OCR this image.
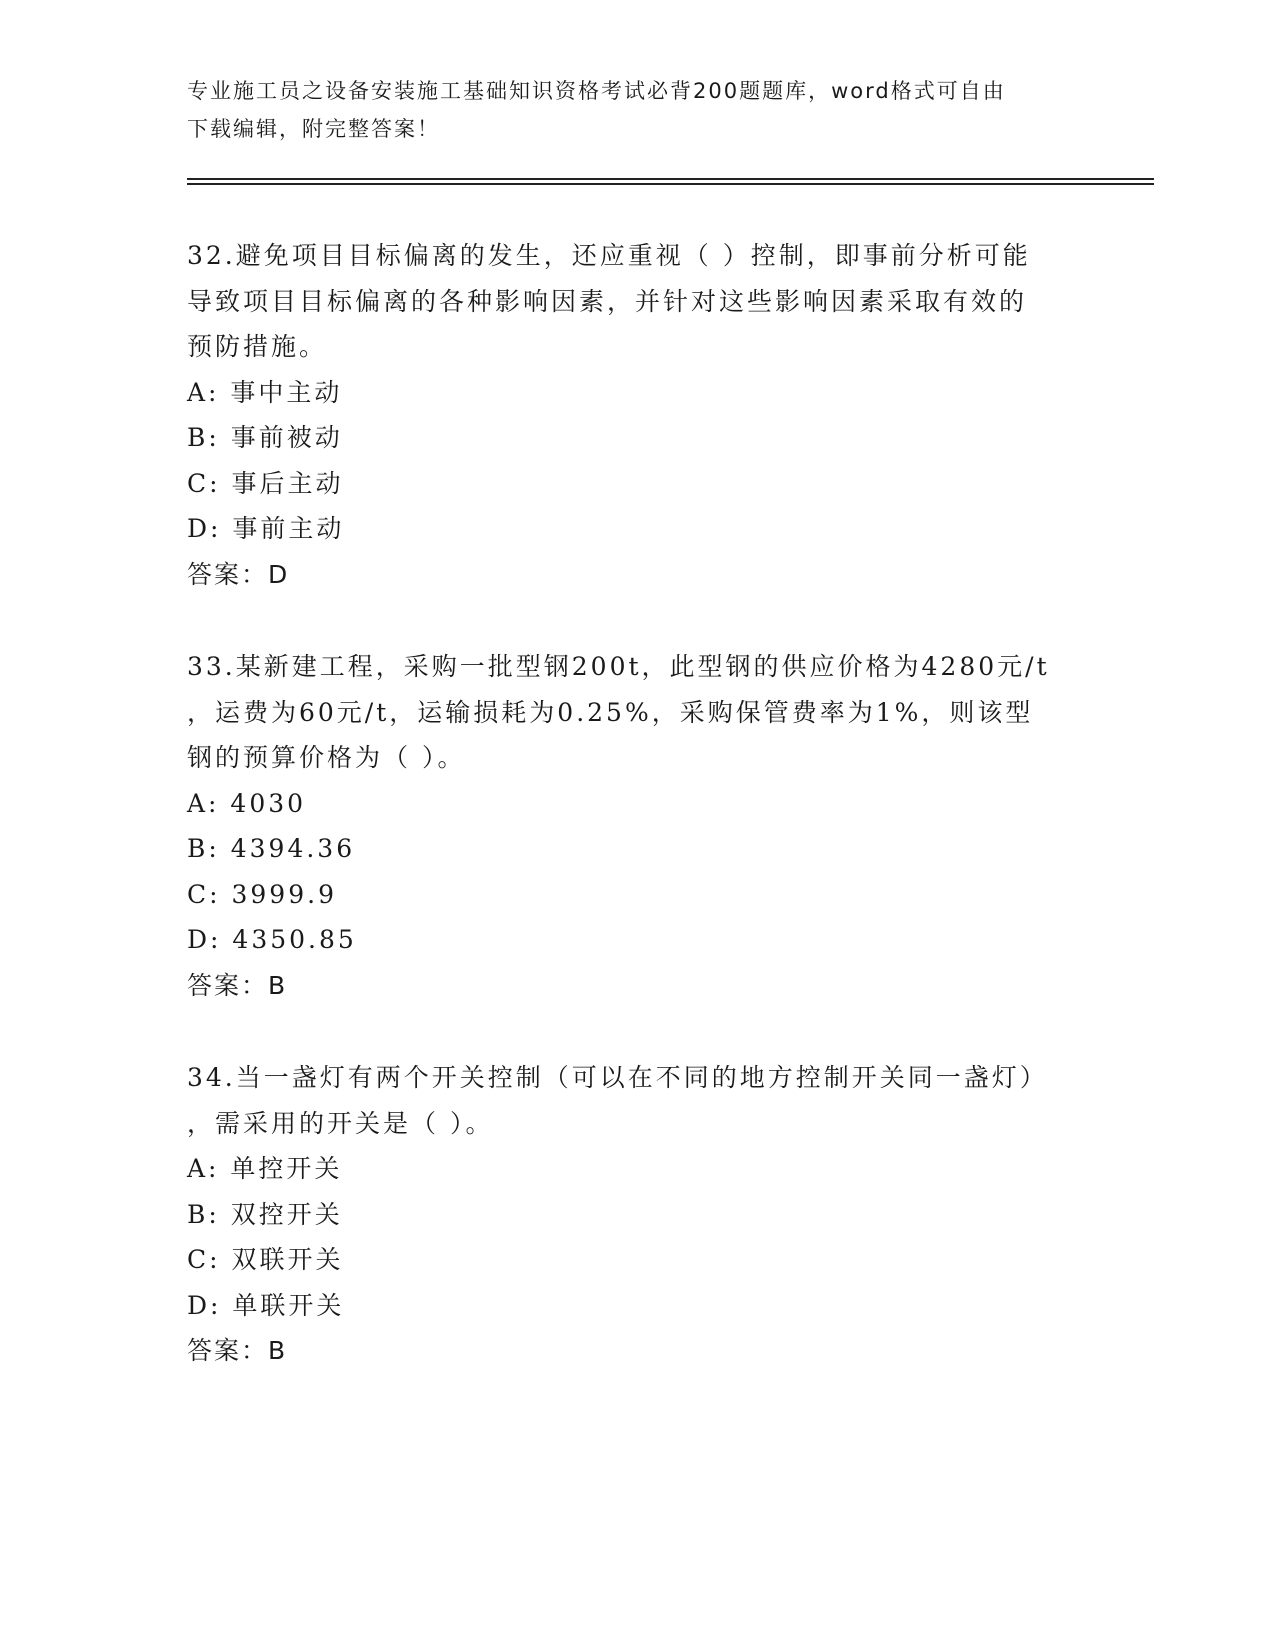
专业施工员之设备安装施工基础知识资格考试必背200题题库，word格式可自由
下载编辑，附完整答案！
32.避免项目目标偏离的发生，还应重视（ ）控制，即事前分析可能
导致项目目标偏离的各种影响因素，并针对这些影响因素采取有效的
预防措施。
A: 事中主动
B: 事前被动
C: 事后主动
D: 事前主动
答案：D
33.某新建工程，采购一批型钢200t，此型钢的供应价格为4280元/t
，运费为60元/t，运输损耗为0.25%，采购保管费率为1%，则该型
钢的预算价格为（ ）。
A: 4030
B: 4394.36
C: 3999.9
D: 4350.85
答案：B
34.当一盏灯有两个开关控制（可以在不同的地方控制开关同一盏灯）
，需采用的开关是（ ）。
A: 单控开关
B: 双控开关
C: 双联开关
D: 单联开关
答案：B
